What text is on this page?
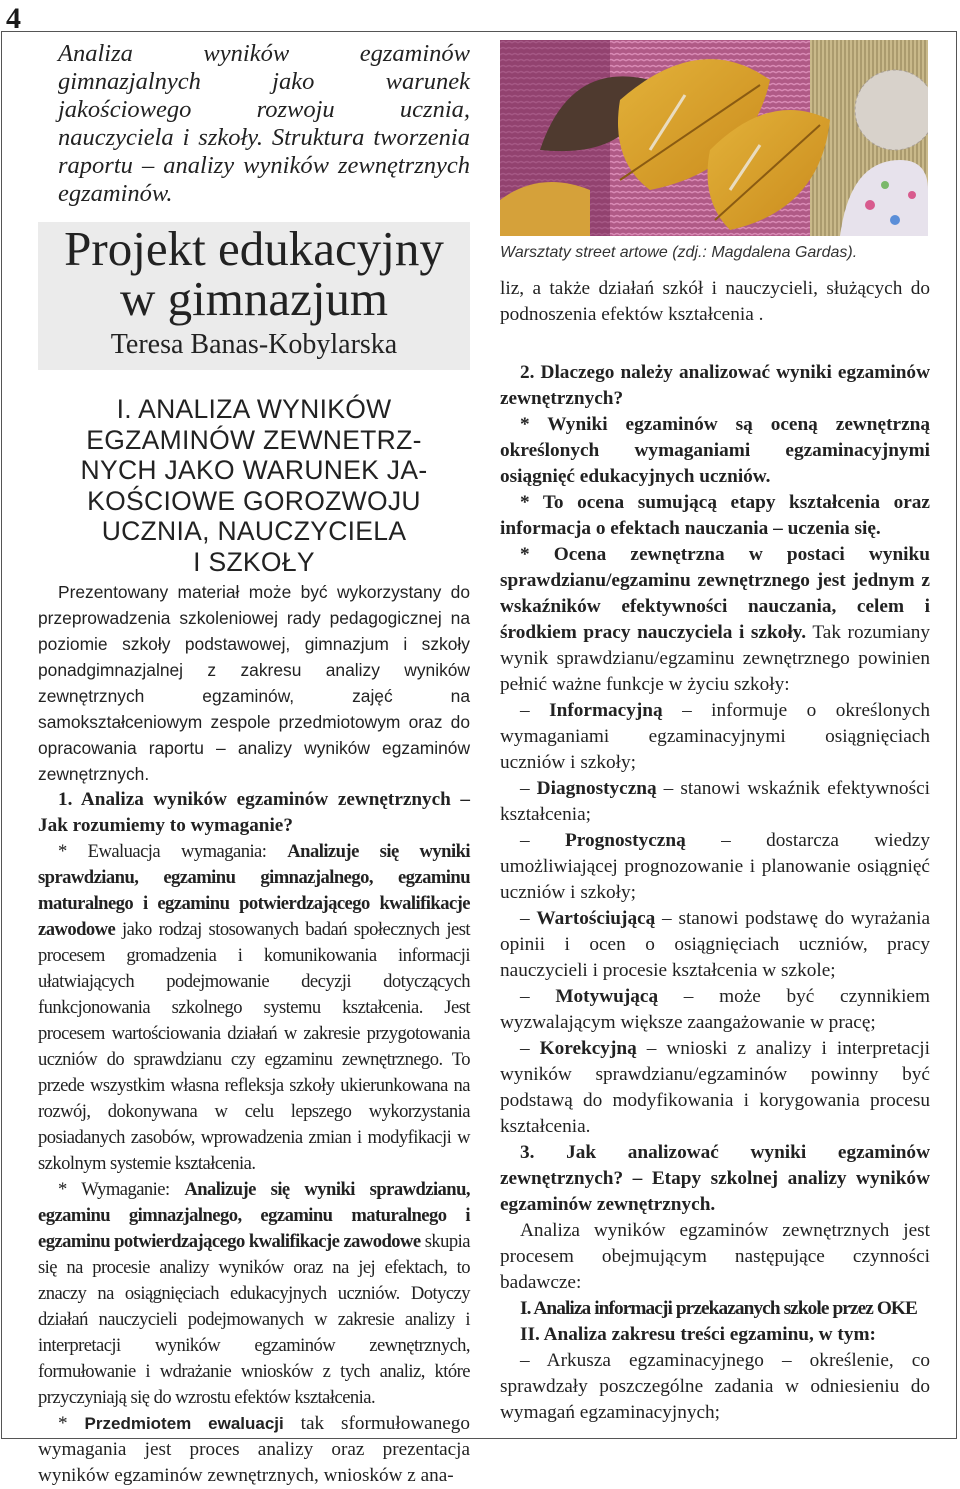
4

Analiza wyników egzaminów gimnazjalnych jako warunek jakościowego rozwoju ucznia, nauczyciela i szkoły. Struktura tworzenia raportu – analizy wyników zewnętrznych egzaminów.

Projekt edukacyjny
w gimnazjum
Teresa Banas-Kobylarska
I. ANALIZA WYNIKÓW
EGZAMINÓW ZEWNETRZ-
NYCH JAKO WARUNEK JA-
KOŚCIOWE GOROZWOJU
UCZNIA, NAUCZYCIELA
I SZKOŁY

Prezentowany materiał może być wykorzystany do przeprowadzenia szkoleniowej rady pedagogicznej na poziomie szkoły podstawowej, gimnazjum i szkoły ponadgimnazjalnej z zakresu analizy wyników zewnętrznych egzaminów, zajęć na samokształceniowym zespole przedmiotowym oraz do opracowania raportu – analizy wyników egzaminów zewnętrznych.

1. Analiza wyników egzaminów zewnętrznych – Jak rozumiemy to wymaganie?

* Ewaluacja wymagania: Analizuje się wyniki sprawdzianu, egzaminu gimnazjalnego, egzaminu maturalnego i egzaminu potwierdzającego kwalifikacje zawodowe jako rodzaj stosowanych badań społecznych jest procesem gromadzenia i komunikowania informacji ułatwiających podejmowanie decyzji dotyczących funkcjonowania szkolnego systemu kształcenia. Jest procesem wartościowania działań w zakresie przygotowania uczniów do sprawdzianu czy egzaminu zewnętrznego. To przede wszystkim własna refleksja szkoły ukierunkowana na rozwój, dokonywana w celu lepszego wykorzystania posiadanych zasobów, wprowadzenia zmian i modyfikacji w szkolnym systemie kształcenia.

* Wymaganie: Analizuje się wyniki sprawdzianu, egzaminu gimnazjalnego, egzaminu maturalnego i egzaminu potwierdzającego kwalifikacje zawodowe skupia się na procesie analizy wyników oraz na jej efektach, to znaczy na osiągnięciach edukacyjnych uczniów. Dotyczy działań nauczycieli podejmowanych w zakresie analizy i interpretacji wyników egzaminów zewnętrznych, formułowanie i wdrażanie wniosków z tych analiz, które przyczyniają się do wzrostu efektów kształcenia.

* Przedmiotem ewaluacji tak sformułowanego wymagania jest proces analizy oraz prezentacja wyników egzaminów zewnętrznych, wniosków z ana-

Warsztaty street artowe (zdj.: Magdalena Gardas).

liz, a także działań szkół i nauczycieli, służących do podnoszenia efektów kształcenia .

2. Dlaczego należy analizować wyniki egzaminów zewnętrznych?

* Wyniki egzaminów są oceną zewnętrzną określonych wymaganiami egzaminacyjnymi osiągnięć edukacyjnych uczniów.

* To ocena sumującą etapy kształcenia oraz informacja o efektach nauczania – uczenia się.

* Ocena zewnętrzna w postaci wyniku sprawdzianu/egzaminu zewnętrznego jest jednym z wskaźników efektywności nauczania, celem i środkiem pracy nauczyciela i szkoły. Tak rozumiany wynik sprawdzianu/egzaminu zewnętrznego powinien pełnić ważne funkcje w życiu szkoły:

– Informacyjną – informuje o określonych wymaganiami egzaminacyjnymi osiągnięciach uczniów i szkoły;

– Diagnostyczną – stanowi wskaźnik efektywności kształcenia;

– Prognostyczną – dostarcza wiedzy umożliwiającej prognozowanie i planowanie osiągnięć uczniów i szkoły;

– Wartościującą – stanowi podstawę do wyrażania opinii i ocen o osiągnięciach uczniów, pracy nauczycieli i procesie kształcenia w szkole;

– Motywującą – może być czynnikiem wyzwalającym większe zaangażowanie w pracę;

– Korekcyjną – wnioski z analizy i interpretacji wyników sprawdzianu/egzaminów powinny być podstawą do modyfikowania i korygowania procesu kształcenia.

3. Jak analizować wyniki egzaminów zewnętrznych? – Etapy szkolnej analizy wyników egzaminów zewnętrznych.

Analiza wyników egzaminów zewnętrznych jest procesem obejmującym następujące czynności badawcze:

I. Analiza informacji przekazanych szkole przez OKE

II. Analiza zakresu treści egzaminu, w tym:

– Arkusza egzaminacyjnego – określenie, co sprawdzały poszczególne zadania w odniesieniu do wymagań egzaminacyjnych;
